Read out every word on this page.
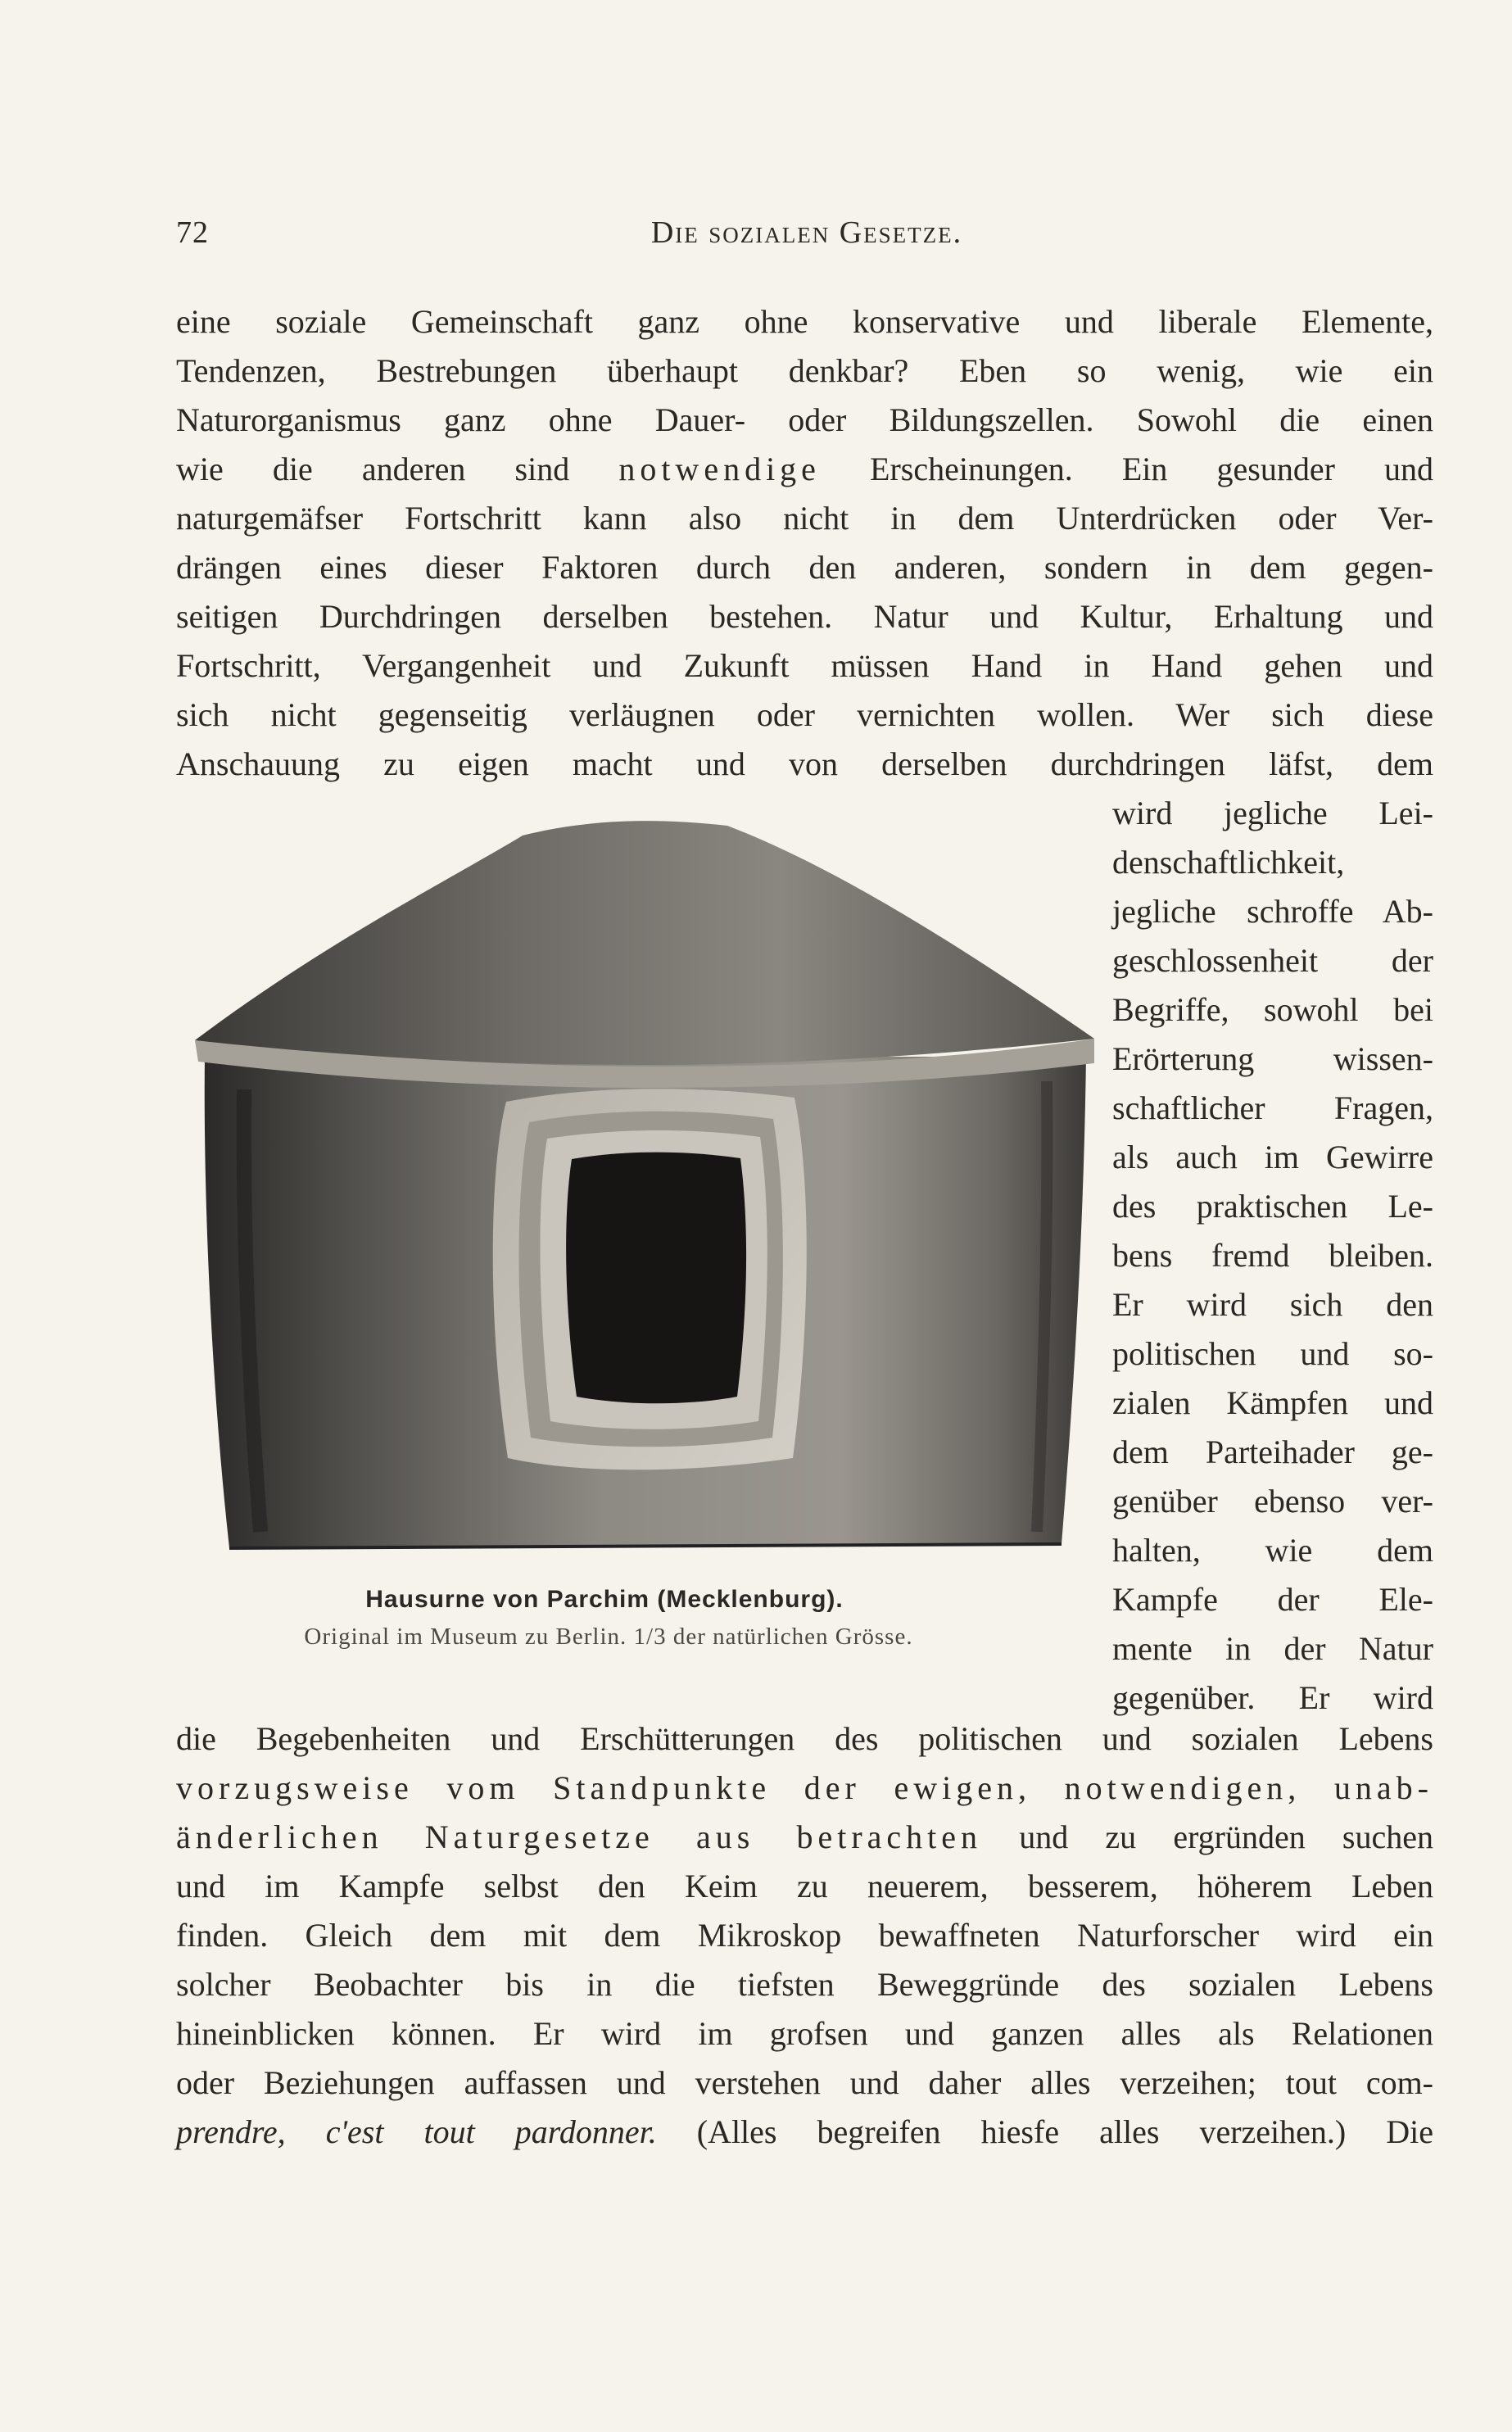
72	Die sozialen Gesetze.
eine soziale Gemeinschaft ganz ohne konservative und liberale Elemente,
Tendenzen, Bestrebungen überhaupt denkbar? Eben so wenig, wie ein
Naturorganismus ganz ohne Dauer- oder Bildungszellen. Sowohl die einen
wie die anderen sind notwendige Erscheinungen. Ein gesunder und
naturgemäfser Fortschritt kann also nicht in dem Unterdrücken oder Ver-
drängen eines dieser Faktoren durch den anderen, sondern in dem gegen-
seitigen Durchdringen derselben bestehen. Natur und Kultur, Erhaltung und
Fortschritt, Vergangenheit und Zukunft müssen Hand in Hand gehen und
sich nicht gegenseitig verläugnen oder vernichten wollen. Wer sich diese
Anschauung zu eigen macht und von derselben durchdringen läfst, dem
Hausurne von Parchim (Mecklenburg).
Original im Museum zu Berlin. 1/3 der natürlichen Grösse.
wird jegliche Lei-
denschaftlichkeit,
jegliche schroffe Ab-
geschlossenheit der
Begriffe, sowohl bei
Erörterung wissen-
schaftlicher Fragen,
als auch im Gewirre
des praktischen Le-
bens fremd bleiben.
Er wird sich den
politischen und so-
zialen Kämpfen und
dem Parteihader ge-
genüber ebenso ver-
halten, wie dem
Kampfe der Ele-
mente in der Natur
gegenüber. Er wird
die Begebenheiten und Erschütterungen des politischen und sozialen Lebens
vorzugsweise vom Standpunkte der ewigen, notwendigen, unab-
änderlichen Naturgesetze aus betrachten und zu ergründen suchen
und im Kampfe selbst den Keim zu neuerem, besserem, höherem Leben
finden. Gleich dem mit dem Mikroskop bewaffneten Naturforscher wird ein
solcher Beobachter bis in die tiefsten Beweggründe des sozialen Lebens
hineinblicken können. Er wird im grofsen und ganzen alles als Relationen
oder Beziehungen auffassen und verstehen und daher alles verzeihen; tout com-
prendre, c'est tout pardonner. (Alles begreifen hiesfe alles verzeihen.) Die
